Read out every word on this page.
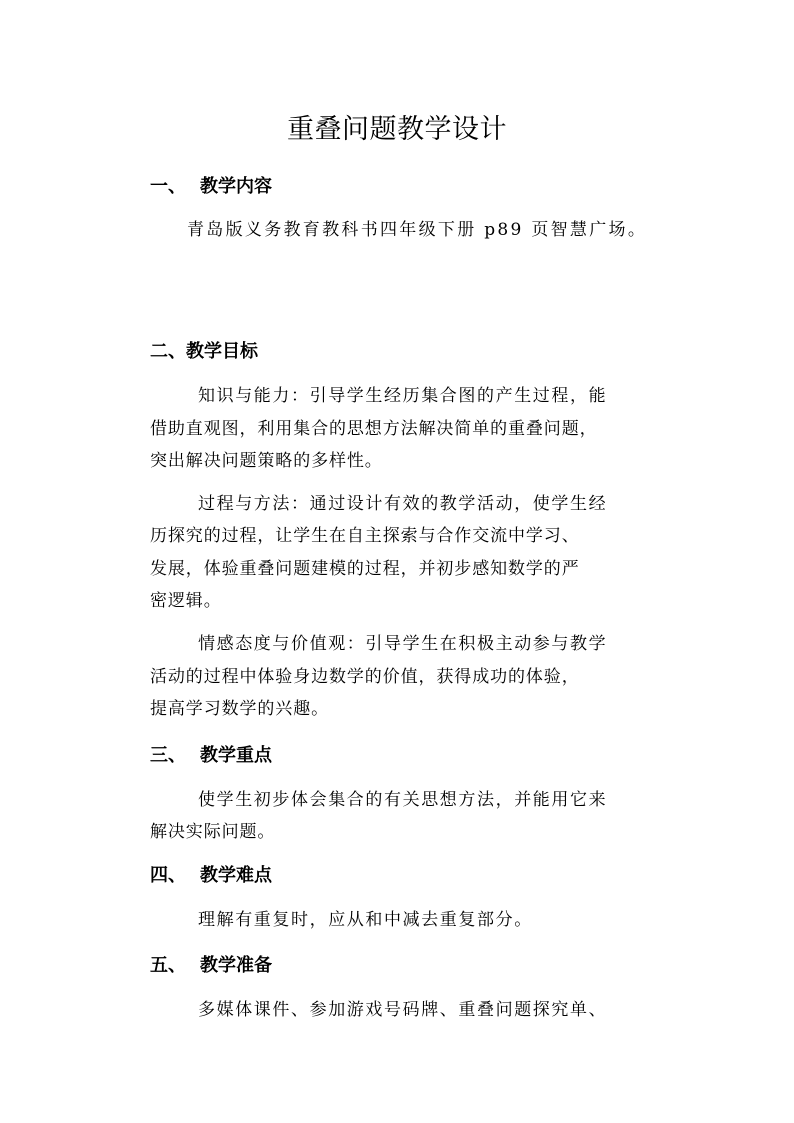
重叠问题教学设计
一、 教学内容
青岛版义务教育教科书四年级下册 p89 页智慧广场。
二、教学目标
知识与能力：引导学生经历集合图的产生过程，能
借助直观图，利用集合的思想方法解决简单的重叠问题，
突出解决问题策略的多样性。
过程与方法：通过设计有效的教学活动，使学生经
历探究的过程，让学生在自主探索与合作交流中学习、
发展，体验重叠问题建模的过程，并初步感知数学的严
密逻辑。
情感态度与价值观：引导学生在积极主动参与教学
活动的过程中体验身边数学的价值，获得成功的体验，
提高学习数学的兴趣。
三、 教学重点
使学生初步体会集合的有关思想方法，并能用它来
解决实际问题。
四、 教学难点
理解有重复时，应从和中减去重复部分。
五、 教学准备
多媒体课件、参加游戏号码牌、重叠问题探究单、
